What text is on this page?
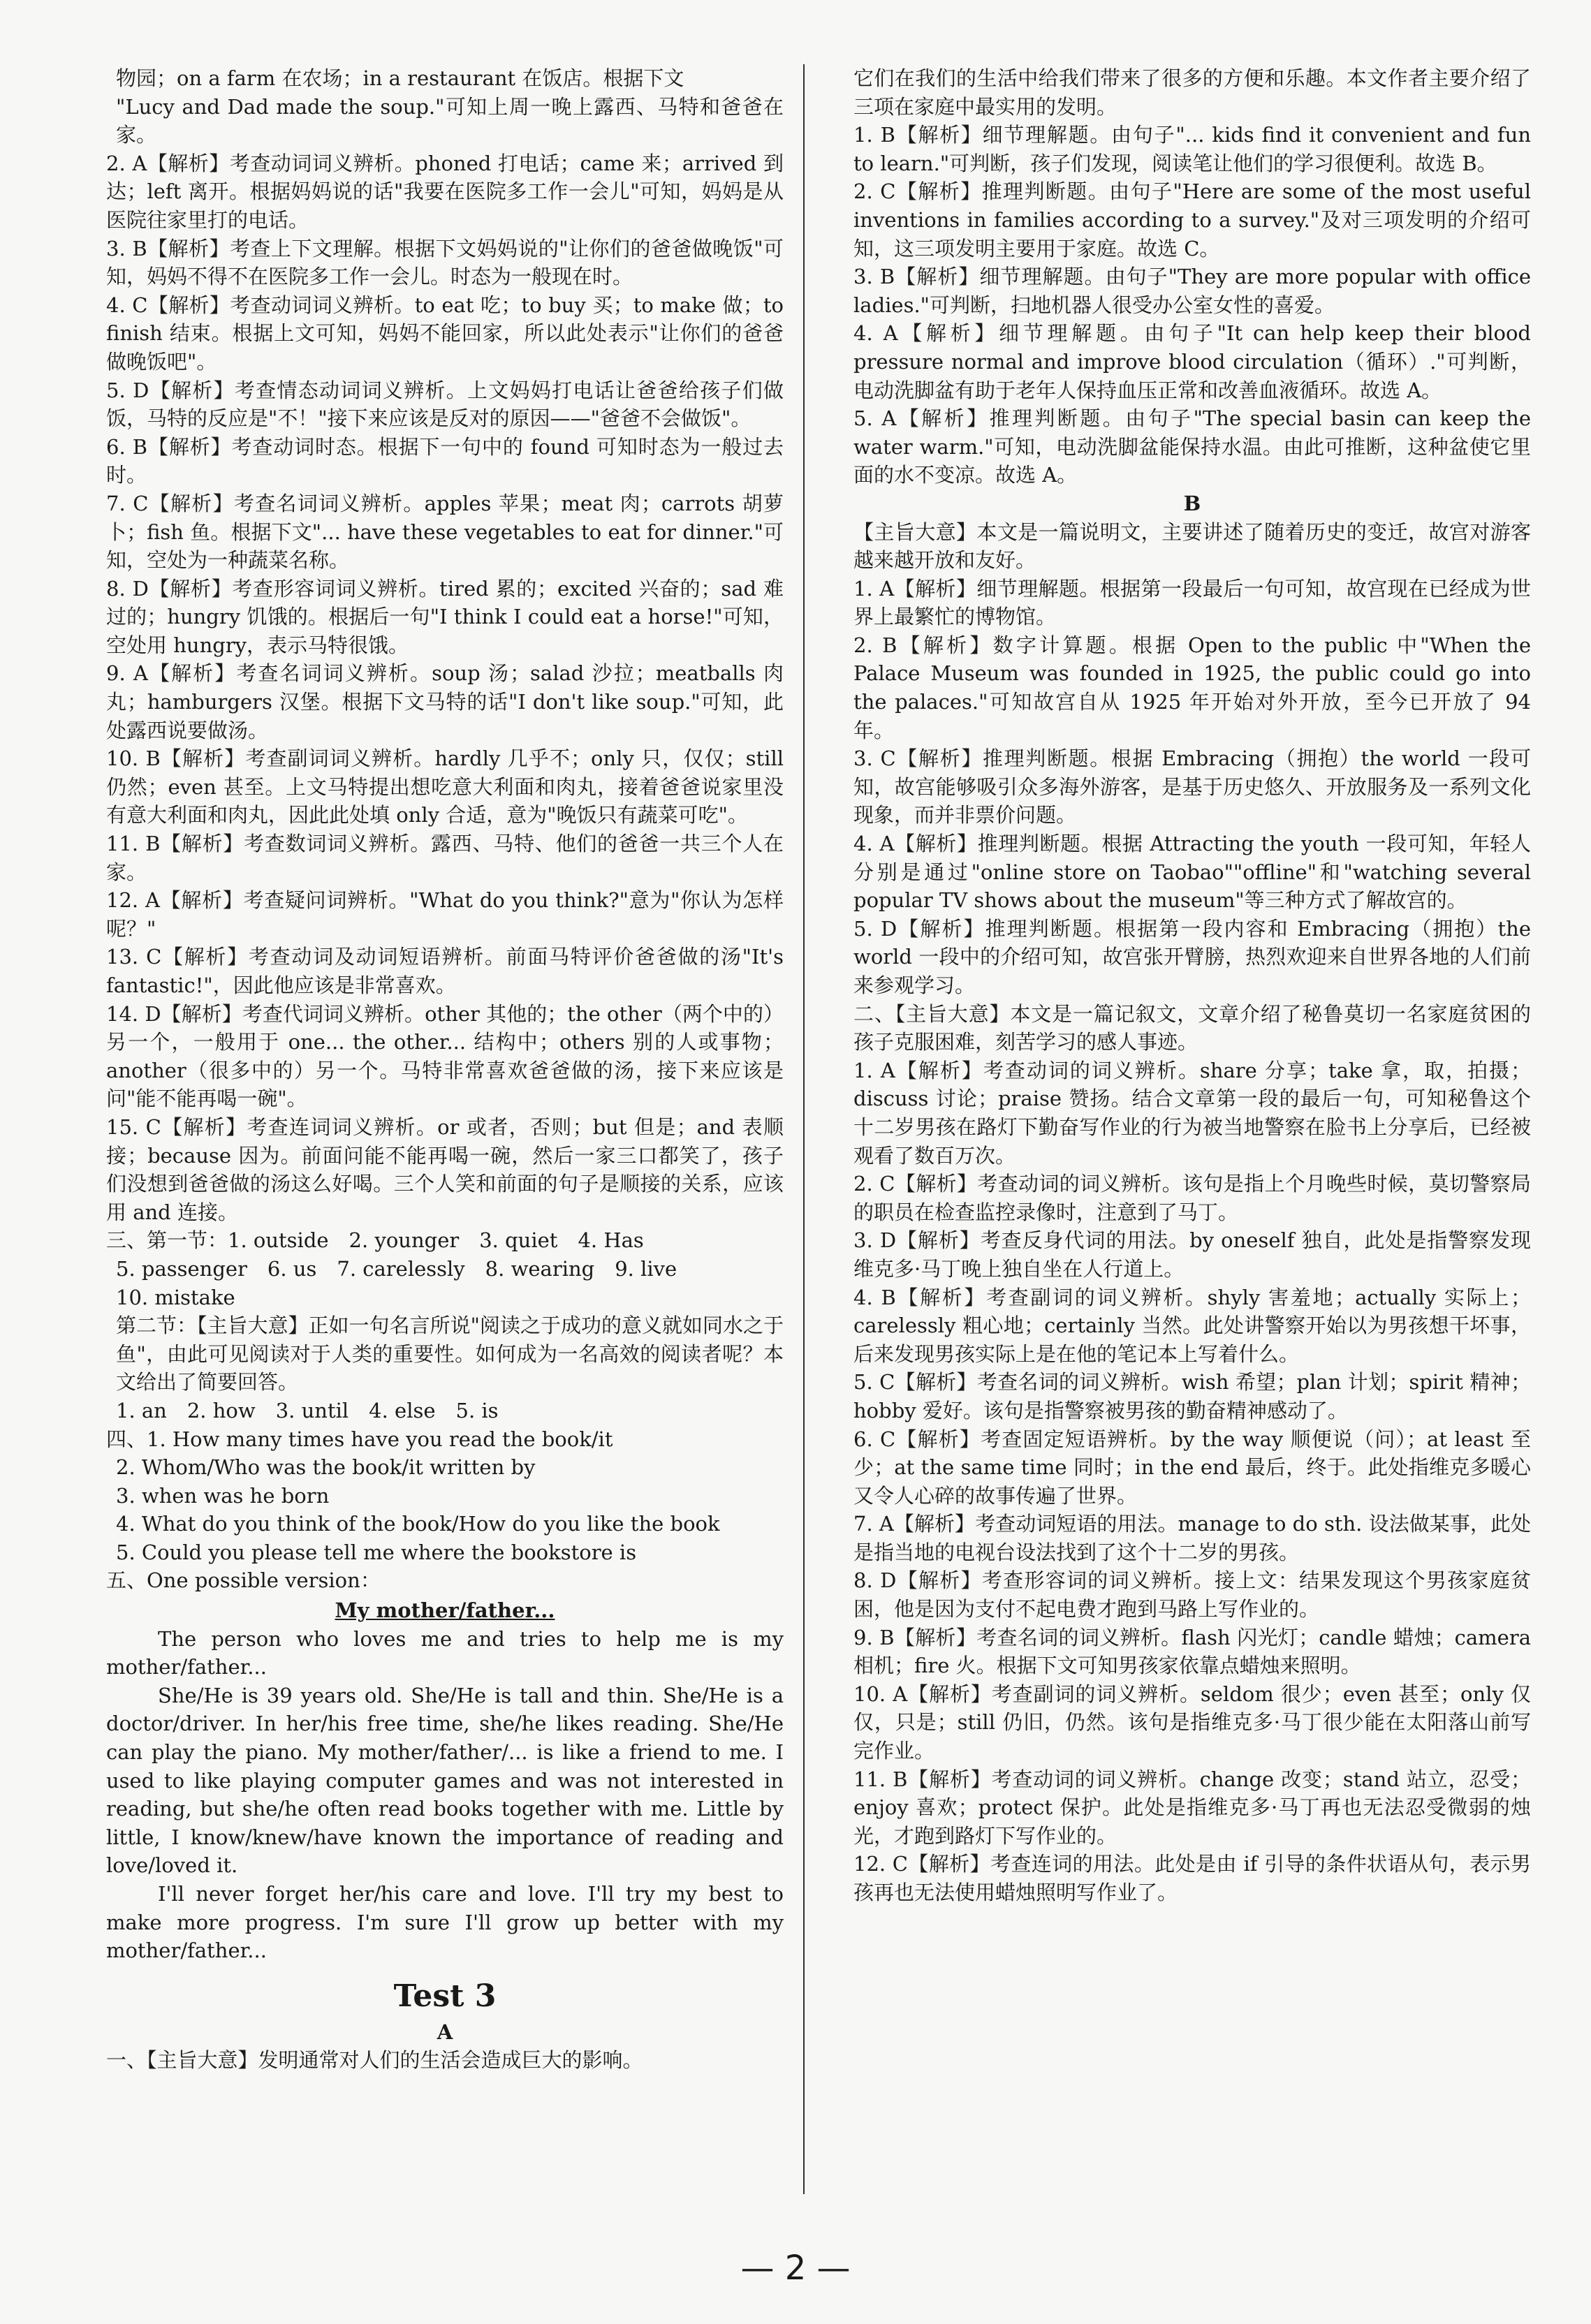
物园；on a farm 在农场；in a restaurant 在饭店。根据下文

"Lucy and Dad made the soup."可知上周一晚上露西、马特和爸爸在家。

2. A【解析】考查动词词义辨析。phoned 打电话；came 来；arrived 到达；left 离开。根据妈妈说的话"我要在医院多工作一会儿"可知，妈妈是从医院往家里打的电话。

3. B【解析】考查上下文理解。根据下文妈妈说的"让你们的爸爸做晚饭"可知，妈妈不得不在医院多工作一会儿。时态为一般现在时。

4. C【解析】考查动词词义辨析。to eat 吃；to buy 买；to make 做；to finish 结束。根据上文可知，妈妈不能回家，所以此处表示"让你们的爸爸做晚饭吧"。

5. D【解析】考查情态动词词义辨析。上文妈妈打电话让爸爸给孩子们做饭，马特的反应是"不！"接下来应该是反对的原因——"爸爸不会做饭"。

6. B【解析】考查动词时态。根据下一句中的 found 可知时态为一般过去时。

7. C【解析】考查名词词义辨析。apples 苹果；meat 肉；carrots 胡萝卜；fish 鱼。根据下文"... have these vegetables to eat for dinner."可知，空处为一种蔬菜名称。

8. D【解析】考查形容词词义辨析。tired 累的；excited 兴奋的；sad 难过的；hungry 饥饿的。根据后一句"I think I could eat a horse!"可知，空处用 hungry，表示马特很饿。

9. A【解析】考查名词词义辨析。soup 汤；salad 沙拉；meatballs 肉丸；hamburgers 汉堡。根据下文马特的话"I don't like soup."可知，此处露西说要做汤。

10. B【解析】考查副词词义辨析。hardly 几乎不；only 只，仅仅；still 仍然；even 甚至。上文马特提出想吃意大利面和肉丸，接着爸爸说家里没有意大利面和肉丸，因此此处填 only 合适，意为"晚饭只有蔬菜可吃"。

11. B【解析】考查数词词义辨析。露西、马特、他们的爸爸一共三个人在家。

12. A【解析】考查疑问词辨析。"What do you think?"意为"你认为怎样呢？"

13. C【解析】考查动词及动词短语辨析。前面马特评价爸爸做的汤"It's fantastic!"，因此他应该是非常喜欢。

14. D【解析】考查代词词义辨析。other 其他的；the other（两个中的）另一个，一般用于 one... the other... 结构中；others 别的人或事物；another（很多中的）另一个。马特非常喜欢爸爸做的汤，接下来应该是问"能不能再喝一碗"。

15. C【解析】考查连词词义辨析。or 或者，否则；but 但是；and 表顺接；because 因为。前面问能不能再喝一碗，然后一家三口都笑了，孩子们没想到爸爸做的汤这么好喝。三个人笑和前面的句子是顺接的关系，应该用 and 连接。

三、第一节：1. outside　2. younger　3. quiet　4. Has

5. passenger　6. us　7. carelessly　8. wearing　9. live

10. mistake

第二节：【主旨大意】正如一句名言所说"阅读之于成功的意义就如同水之于鱼"，由此可见阅读对于人类的重要性。如何成为一名高效的阅读者呢？本文给出了简要回答。

1. an　2. how　3. until　4. else　5. is

四、1. How many times have you read the book/it

2. Whom/Who was the book/it written by

3. when was he born

4. What do you think of the book/How do you like the book

5. Could you please tell me where the bookstore is

五、One possible version：

My mother/father...

The person who loves me and tries to help me is my mother/father...

She/He is 39 years old. She/He is tall and thin. She/He is a doctor/driver. In her/his free time, she/he likes reading. She/He can play the piano. My mother/father/... is like a friend to me. I used to like playing computer games and was not interested in reading, but she/he often read books together with me. Little by little, I know/knew/have known the importance of reading and love/loved it.

I'll never forget her/his care and love. I'll try my best to make more progress. I'm sure I'll grow up better with my mother/father...

Test 3

A

一、【主旨大意】发明通常对人们的生活会造成巨大的影响。

它们在我们的生活中给我们带来了很多的方便和乐趣。本文作者主要介绍了三项在家庭中最实用的发明。

1. B【解析】细节理解题。由句子"... kids find it convenient and fun to learn."可判断，孩子们发现，阅读笔让他们的学习很便利。故选 B。

2. C【解析】推理判断题。由句子"Here are some of the most useful inventions in families according to a survey."及对三项发明的介绍可知，这三项发明主要用于家庭。故选 C。

3. B【解析】细节理解题。由句子"They are more popular with office ladies."可判断，扫地机器人很受办公室女性的喜爱。

4. A【解析】细节理解题。由句子"It can help keep their blood pressure normal and improve blood circulation（循环）."可判断，电动洗脚盆有助于老年人保持血压正常和改善血液循环。故选 A。

5. A【解析】推理判断题。由句子"The special basin can keep the water warm."可知，电动洗脚盆能保持水温。由此可推断，这种盆使它里面的水不变凉。故选 A。

B

【主旨大意】本文是一篇说明文，主要讲述了随着历史的变迁，故宫对游客越来越开放和友好。

1. A【解析】细节理解题。根据第一段最后一句可知，故宫现在已经成为世界上最繁忙的博物馆。

2. B【解析】数字计算题。根据 Open to the public 中"When the Palace Museum was founded in 1925, the public could go into the palaces."可知故宫自从 1925 年开始对外开放，至今已开放了 94 年。

3. C【解析】推理判断题。根据 Embracing（拥抱）the world 一段可知，故宫能够吸引众多海外游客，是基于历史悠久、开放服务及一系列文化现象，而并非票价问题。

4. A【解析】推理判断题。根据 Attracting the youth 一段可知，年轻人分别是通过"online store on Taobao""offline"和"watching several popular TV shows about the museum"等三种方式了解故宫的。

5. D【解析】推理判断题。根据第一段内容和 Embracing（拥抱）the world 一段中的介绍可知，故宫张开臂膀，热烈欢迎来自世界各地的人们前来参观学习。

二、【主旨大意】本文是一篇记叙文，文章介绍了秘鲁莫切一名家庭贫困的孩子克服困难，刻苦学习的感人事迹。

1. A【解析】考查动词的词义辨析。share 分享；take 拿，取，拍摄；discuss 讨论；praise 赞扬。结合文章第一段的最后一句，可知秘鲁这个十二岁男孩在路灯下勤奋写作业的行为被当地警察在脸书上分享后，已经被观看了数百万次。

2. C【解析】考查动词的词义辨析。该句是指上个月晚些时候，莫切警察局的职员在检查监控录像时，注意到了马丁。

3. D【解析】考查反身代词的用法。by oneself 独自，此处是指警察发现维克多·马丁晚上独自坐在人行道上。

4. B【解析】考查副词的词义辨析。shyly 害羞地；actually 实际上；carelessly 粗心地；certainly 当然。此处讲警察开始以为男孩想干坏事，后来发现男孩实际上是在他的笔记本上写着什么。

5. C【解析】考查名词的词义辨析。wish 希望；plan 计划；spirit 精神；hobby 爱好。该句是指警察被男孩的勤奋精神感动了。

6. C【解析】考查固定短语辨析。by the way 顺便说（问）；at least 至少；at the same time 同时；in the end 最后，终于。此处指维克多暖心又令人心碎的故事传遍了世界。

7. A【解析】考查动词短语的用法。manage to do sth. 设法做某事，此处是指当地的电视台设法找到了这个十二岁的男孩。

8. D【解析】考查形容词的词义辨析。接上文：结果发现这个男孩家庭贫困，他是因为支付不起电费才跑到马路上写作业的。

9. B【解析】考查名词的词义辨析。flash 闪光灯；candle 蜡烛；camera 相机；fire 火。根据下文可知男孩家依靠点蜡烛来照明。

10. A【解析】考查副词的词义辨析。seldom 很少；even 甚至；only 仅仅，只是；still 仍旧，仍然。该句是指维克多·马丁很少能在太阳落山前写完作业。

11. B【解析】考查动词的词义辨析。change 改变；stand 站立，忍受；enjoy 喜欢；protect 保护。此处是指维克多·马丁再也无法忍受微弱的烛光，才跑到路灯下写作业的。

12. C【解析】考查连词的用法。此处是由 if 引导的条件状语从句，表示男孩再也无法使用蜡烛照明写作业了。

— 2 —
